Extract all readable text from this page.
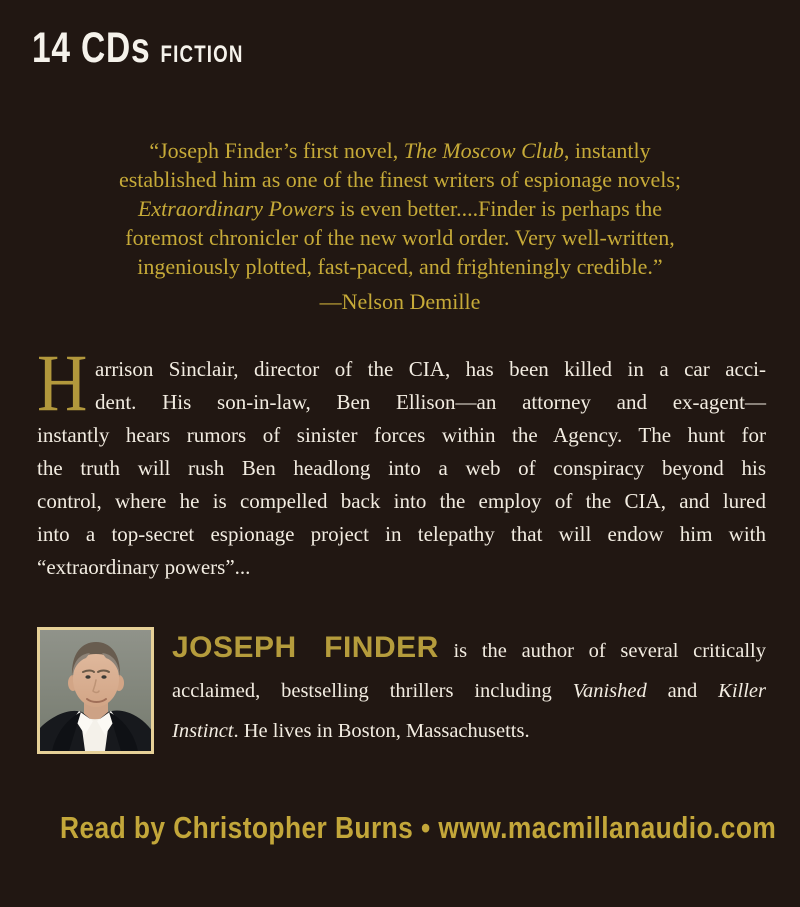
14 CDs FICTION
“Joseph Finder’s first novel, The Moscow Club, instantly
established him as one of the finest writers of espionage novels;
Extraordinary Powers is even better....Finder is perhaps the
foremost chronicler of the new world order. Very well-written,
ingeniously plotted, fast-paced, and frighteningly credible.”
—Nelson Demille
H arrison Sinclair, director of the CIA, has been killed in a car acci-
dent. His son-in-law, Ben Ellison—an attorney and ex-agent—
instantly hears rumors of sinister forces within the Agency. The hunt for
the truth will rush Ben headlong into a web of conspiracy beyond his
control, where he is compelled back into the employ of the CIA, and lured
into a top-secret espionage project in telepathy that will endow him with
“extraordinary powers”...
JOSEPH FINDER is the author of several critically
acclaimed, bestselling thrillers including Vanished and Killer
Instinct. He lives in Boston, Massachusetts.
Read by Christopher Burns • www.macmillanaudio.com
